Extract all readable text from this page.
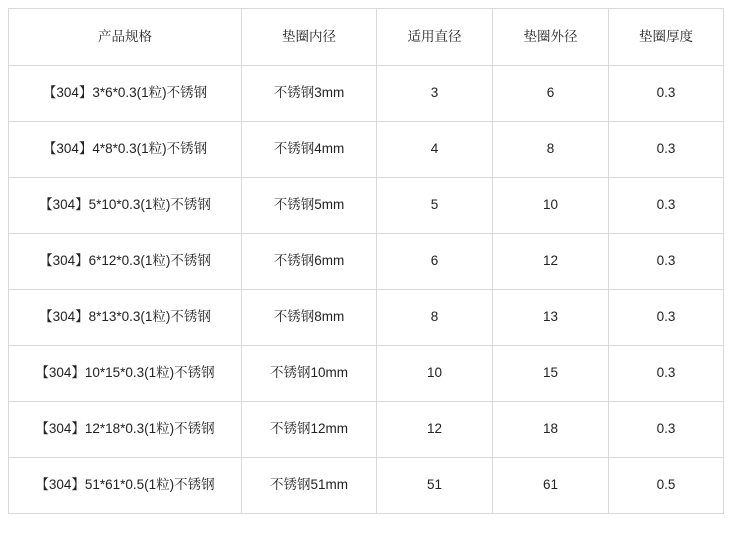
产品规格	垫圈内径	适用直径	垫圈外径	垫圈厚度
【304】3*6*0.3(1粒)不锈钢	不锈钢3mm	3	6	0.3
【304】4*8*0.3(1粒)不锈钢	不锈钢4mm	4	8	0.3
【304】5*10*0.3(1粒)不锈钢	不锈钢5mm	5	10	0.3
【304】6*12*0.3(1粒)不锈钢	不锈钢6mm	6	12	0.3
【304】8*13*0.3(1粒)不锈钢	不锈钢8mm	8	13	0.3
【304】10*15*0.3(1粒)不锈钢	不锈钢10mm	10	15	0.3
【304】12*18*0.3(1粒)不锈钢	不锈钢12mm	12	18	0.3
【304】51*61*0.5(1粒)不锈钢	不锈钢51mm	51	61	0.5
